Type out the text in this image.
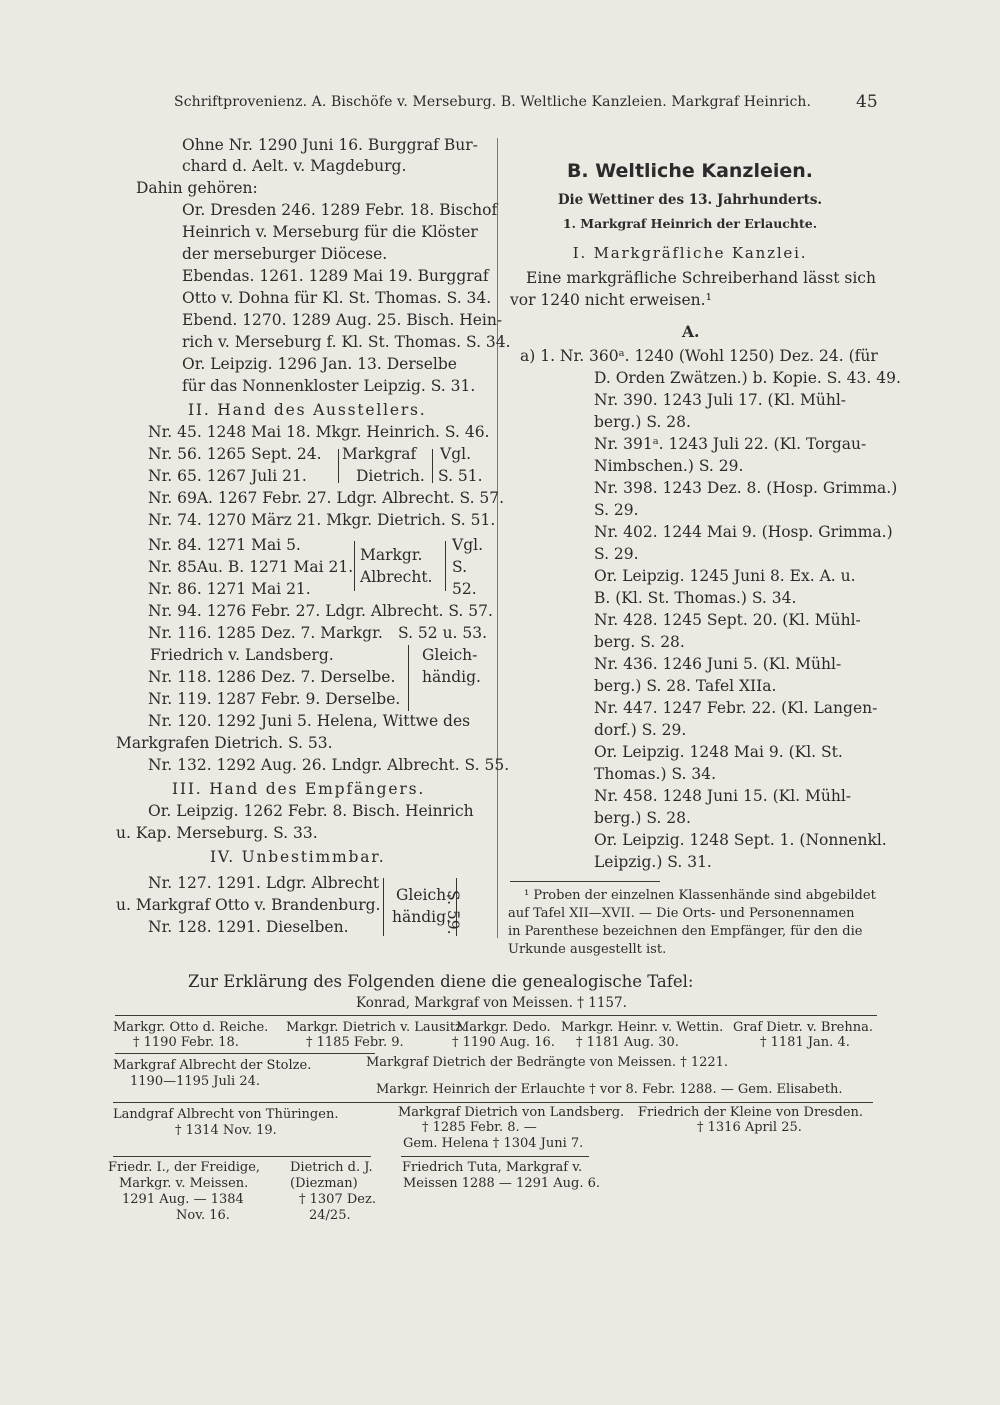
Schriftprovenienz. A. Bischöfe v. Merseburg. B. Weltliche Kanzleien. Markgraf Heinrich.	45
Ohne Nr. 1290 Juni 16. Burggraf Bur-
chard d. Aelt. v. Magdeburg.
Dahin gehören:
Or. Dresden 246. 1289 Febr. 18. Bischof
Heinrich v. Merseburg für die Klöster
der merseburger Diöcese.
Ebendas. 1261. 1289 Mai 19. Burggraf
Otto v. Dohna für Kl. St. Thomas. S. 34.
Ebend. 1270. 1289 Aug. 25. Bisch. Hein-
rich v. Merseburg f. Kl. St. Thomas. S. 34.
Or. Leipzig. 1296 Jan. 13. Derselbe
für das Nonnenkloster Leipzig. S. 31.
II. Hand des Ausstellers.
Nr. 45. 1248 Mai 18. Mkgr. Heinrich. S. 46.
Nr. 56. 1265 Sept. 24.
Nr. 65. 1267 Juli 21.
Nr. 69A. 1267 Febr. 27. Ldgr. Albrecht. S. 57.
Nr. 74. 1270 März 21. Mkgr. Dietrich. S. 51.
Nr. 84. 1271 Mai 5.
Nr. 85Au. B. 1271 Mai 21.
Nr. 86. 1271 Mai 21.
Nr. 94. 1276 Febr. 27. Ldgr. Albrecht. S. 57.
Nr. 116. 1285 Dez. 7. Markgr.
Friedrich v. Landsberg.
Nr. 118. 1286 Dez. 7. Derselbe.
Nr. 119. 1287 Febr. 9. Derselbe.
Nr. 120. 1292 Juni 5. Helena, Wittwe des
Markgrafen Dietrich. S. 53.
Nr. 132. 1292 Aug. 26. Lndgr. Albrecht. S. 55.
III. Hand des Empfängers.
Or. Leipzig. 1262 Febr. 8. Bisch. Heinrich
u. Kap. Merseburg. S. 33.
IV. Unbestimmbar.
Nr. 127. 1291. Ldgr. Albrecht
u. Markgraf Otto v. Brandenburg.
Nr. 128. 1291. Dieselben.
Markgraf
Dietrich.
Vgl.
S. 51.
Markgr.
Albrecht.
Vgl.
S.
52.
S. 52 u. 53.
Gleich-
händig.
Gleich-
händig.
S. 59.
B. Weltliche Kanzleien.
Die Wettiner des 13. Jahrhunderts.
1. Markgraf Heinrich der Erlauchte.
I. Markgräfliche Kanzlei.
Eine markgräfliche Schreiberhand lässt sich
vor 1240 nicht erweisen.¹
A.
a) 1. Nr. 360ᵃ. 1240 (Wohl 1250) Dez. 24. (für
D. Orden Zwätzen.) b. Kopie. S. 43. 49.
Nr. 390. 1243 Juli 17. (Kl. Mühl-
berg.) S. 28.
Nr. 391ᵃ. 1243 Juli 22. (Kl. Torgau-
Nimbschen.) S. 29.
Nr. 398. 1243 Dez. 8. (Hosp. Grimma.)
S. 29.
Nr. 402. 1244 Mai 9. (Hosp. Grimma.)
S. 29.
Or. Leipzig. 1245 Juni 8. Ex. A. u.
B. (Kl. St. Thomas.) S. 34.
Nr. 428. 1245 Sept. 20. (Kl. Mühl-
berg. S. 28.
Nr. 436. 1246 Juni 5. (Kl. Mühl-
berg.) S. 28. Tafel XIIa.
Nr. 447. 1247 Febr. 22. (Kl. Langen-
dorf.) S. 29.
Or. Leipzig. 1248 Mai 9. (Kl. St.
Thomas.) S. 34.
Nr. 458. 1248 Juni 15. (Kl. Mühl-
berg.) S. 28.
Or. Leipzig. 1248 Sept. 1. (Nonnenkl.
Leipzig.) S. 31.
¹ Proben der einzelnen Klassenhände sind abgebildet
auf Tafel XII—XVII. — Die Orts- und Personennamen
in Parenthese bezeichnen den Empfänger, für den die
Urkunde ausgestellt ist.
Zur Erklärung des Folgenden diene die genealogische Tafel:
Konrad, Markgraf von Meissen. † 1157.
Markgr. Otto d. Reiche.
† 1190 Febr. 18.
Markgr. Dietrich v. Lausitz.
† 1185 Febr. 9.
Markgr. Dedo.
† 1190 Aug. 16.
Markgr. Heinr. v. Wettin.
† 1181 Aug. 30.
Graf Dietr. v. Brehna.
† 1181 Jan. 4.
Markgraf Albrecht der Stolze.
1190—1195 Juli 24.
Markgraf Dietrich der Bedrängte von Meissen. † 1221.
Markgr. Heinrich der Erlauchte † vor 8. Febr. 1288. — Gem. Elisabeth.
Landgraf Albrecht von Thüringen.
† 1314 Nov. 19.
Markgraf Dietrich von Landsberg.
† 1285 Febr. 8. —
Gem. Helena † 1304 Juni 7.
Friedrich der Kleine von Dresden.
† 1316 April 25.
Friedr. I., der Freidige,
Markgr. v. Meissen.
1291 Aug. — 1384
Nov. 16.
Dietrich d. J.
(Diezman)
† 1307 Dez.
24/25.
Friedrich Tuta, Markgraf v.
Meissen 1288 — 1291 Aug. 6.
